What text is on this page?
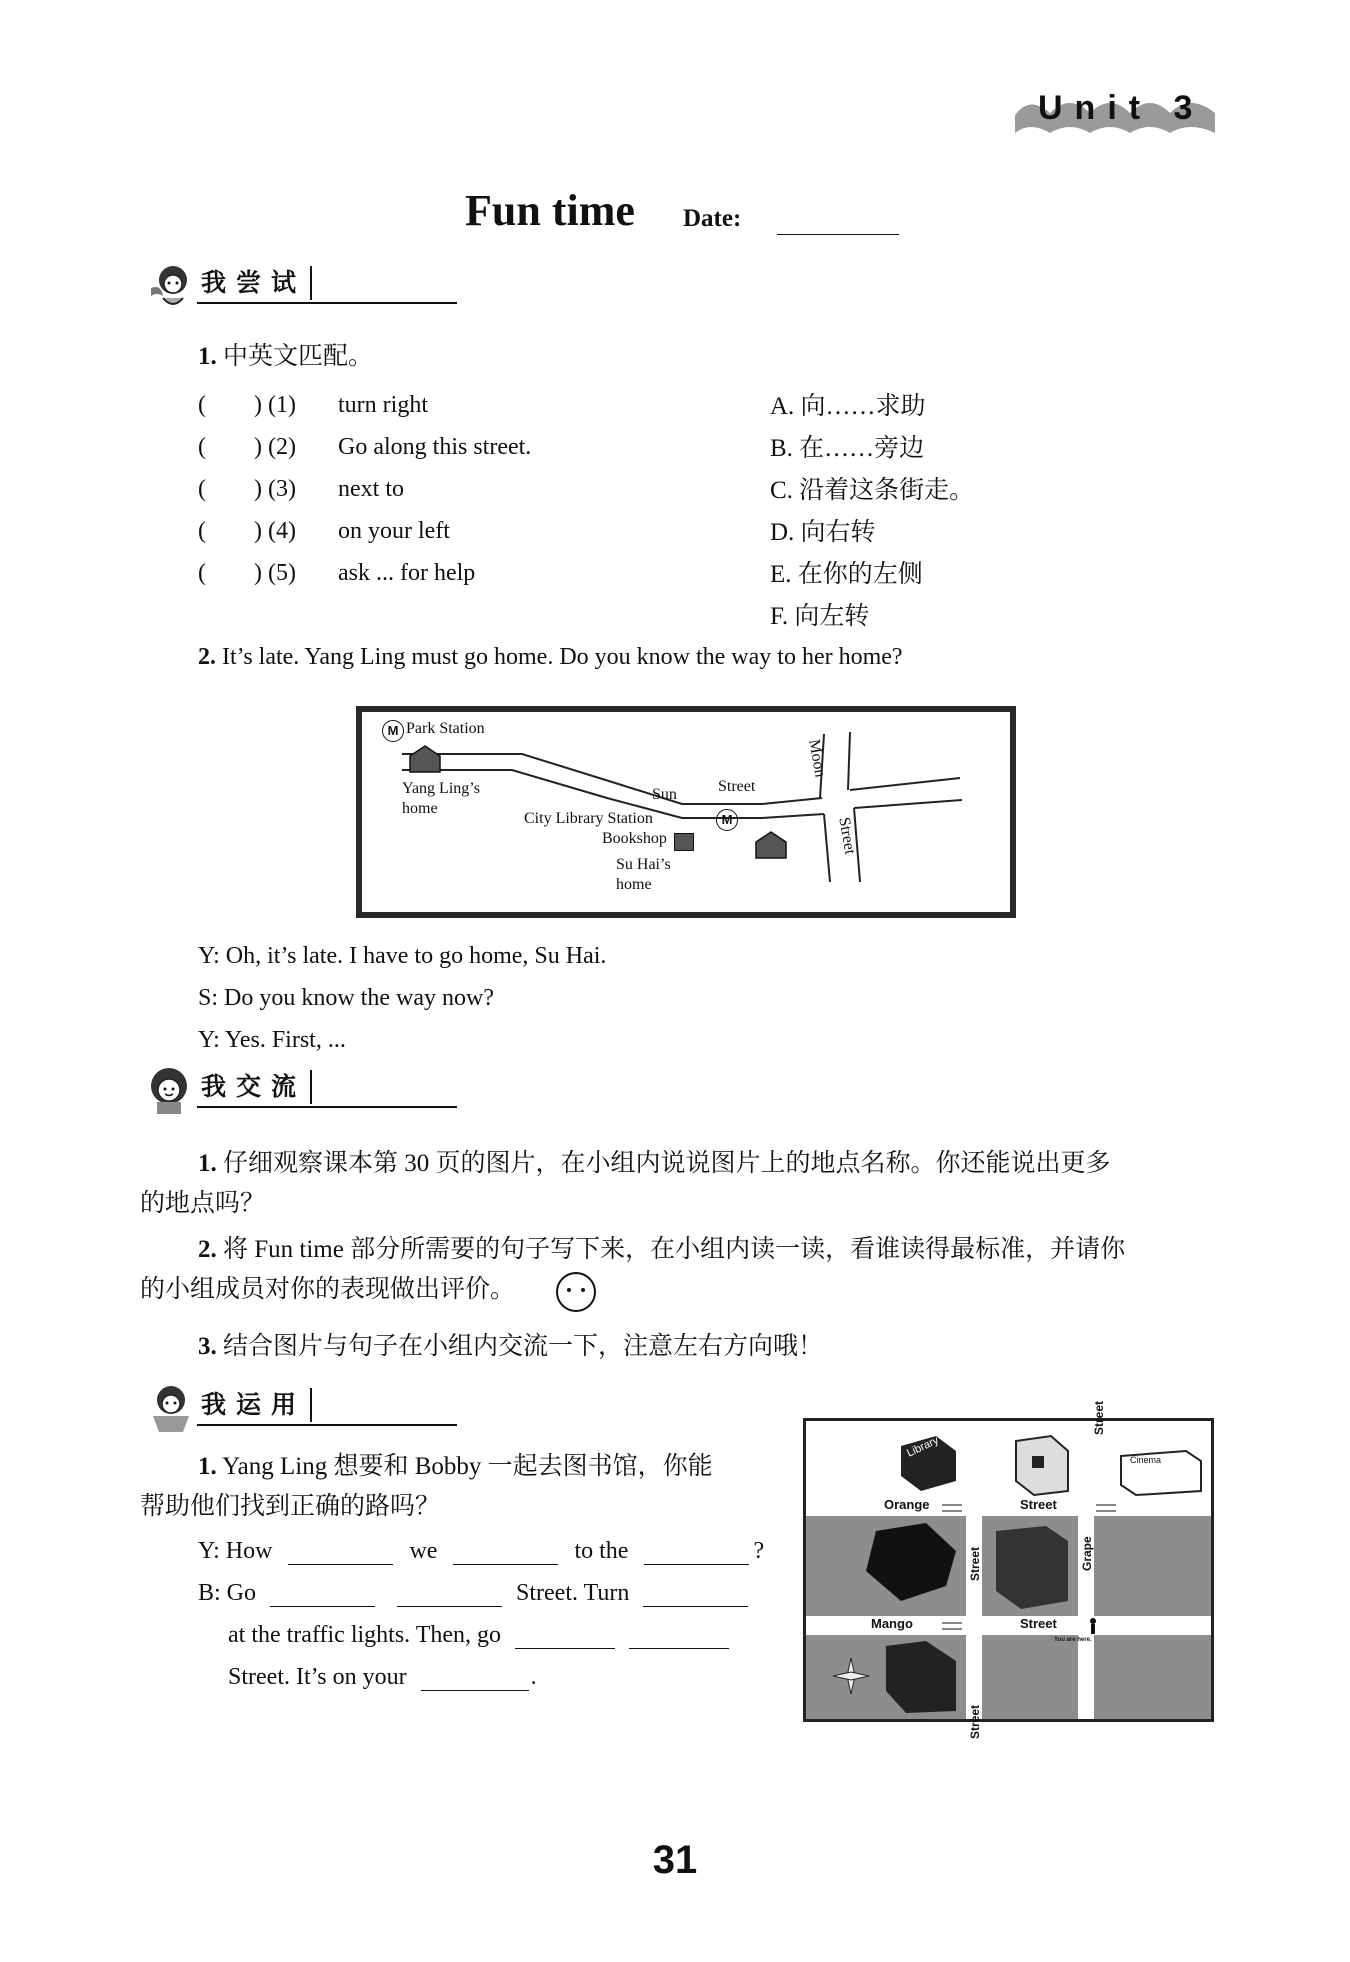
Unit 3
Fun time Date:
我尝试
1. 中英文匹配。
(　　) (1) turn right
(　　) (2) Go along this street.
(　　) (3) next to
(　　) (4) on your left
(　　) (5) ask ... for help
A. 向……求助
B. 在……旁边
C. 沿着这条街走。
D. 向右转
E. 在你的左侧
F. 向左转
2. It’s late. Yang Ling must go home. Do you know the way to her home?
M
M
Park Station
Yang Ling’s
home
Moon
Street
Sun	Street
City Library Station
Bookshop
Su Hai’s
home
Y: Oh, it’s late. I have to go home, Su Hai.
S: Do you know the way now?
Y: Yes. First, ...
我交流
1. 仔细观察课本第 30 页的图片，在小组内说说图片上的地点名称。你还能说出更多
的地点吗？
2. 将 Fun time 部分所需要的句子写下来，在小组内读一读，看谁读得最标准，并请你
的小组成员对你的表现做出评价。
3. 结合图片与句子在小组内交流一下，注意左右方向哦！
我运用
1. Yang Ling 想要和 Bobby 一起去图书馆，你能
帮助他们找到正确的路吗？
Y: How	we	to the	?
B: Go	Street. Turn
at the traffic lights. Then, go
Street. It’s on your	.
Library
Cinema
Orange	Street
Street
Street	Grape
Mango	Street
Apple
Street
You are here.
31
